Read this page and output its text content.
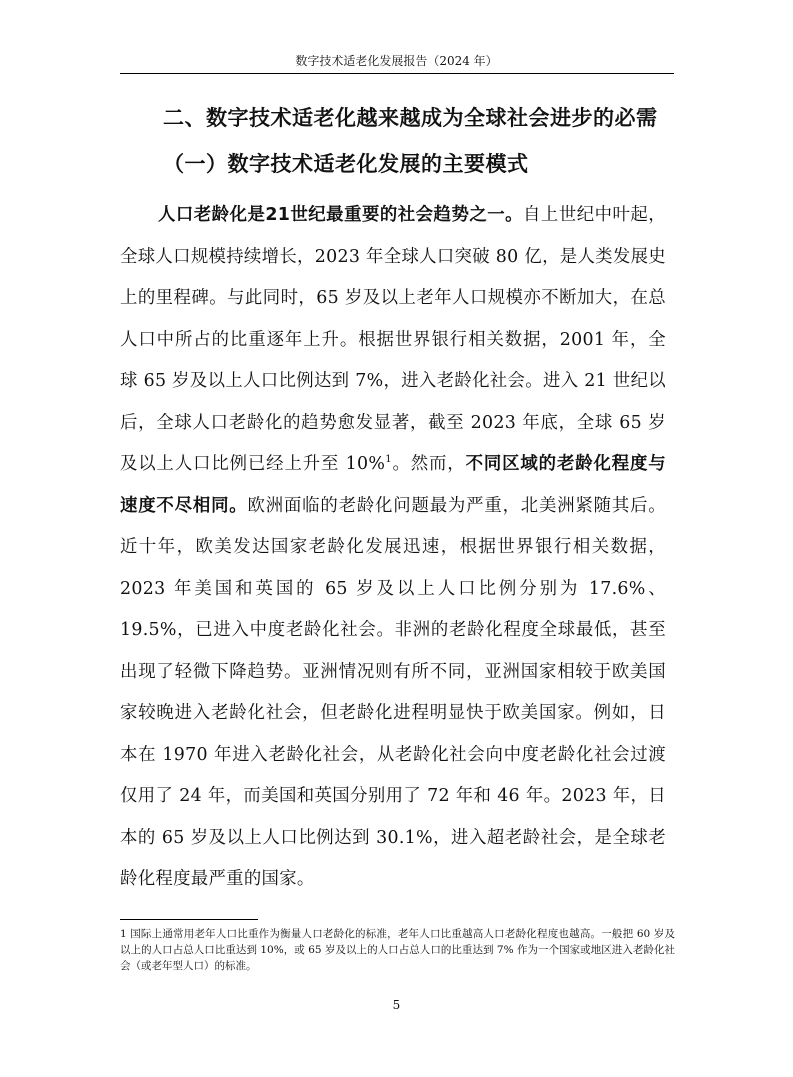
数字技术适老化发展报告（2024 年）
二、数字技术适老化越来越成为全球社会进步的必需
（一）数字技术适老化发展的主要模式

人口老龄化是21世纪最重要的社会趋势之一。自上世纪中叶起，全球人口规模持续增长，2023 年全球人口突破 80 亿，是人类发展史上的里程碑。与此同时，65 岁及以上老年人口规模亦不断加大，在总人口中所占的比重逐年上升。根据世界银行相关数据，2001 年，全球 65 岁及以上人口比例达到 7%，进入老龄化社会。进入 21 世纪以后，全球人口老龄化的趋势愈发显著，截至 2023 年底，全球 65 岁及以上人口比例已经上升至 10%$^1$。然而，不同区域的老龄化程度与速度不尽相同。欧洲面临的老龄化问题最为严重，北美洲紧随其后。近十年，欧美发达国家老龄化发展迅速，根据世界银行相关数据，2023 年美国和英国的 65 岁及以上人口比例分别为 17.6%、19.5%，已进入中度老龄化社会。非洲的老龄化程度全球最低，甚至出现了轻微下降趋势。亚洲情况则有所不同，亚洲国家相较于欧美国家较晚进入老龄化社会，但老龄化进程明显快于欧美国家。例如，日本在 1970 年进入老龄化社会，从老龄化社会向中度老龄化社会过渡仅用了 24 年，而美国和英国分别用了 72 年和 46 年。2023 年，日本的 65 岁及以上人口比例达到 30.1%，进入超老龄社会，是全球老龄化程度最严重的国家。

1 国际上通常用老年人口比重作为衡量人口老龄化的标准，老年人口比重越高人口老龄化程度也越高。一般把 60 岁及以上的人口占总人口比重达到 10%，或 65 岁及以上的人口占总人口的比重达到 7% 作为一个国家或地区进入老龄化社会（或老年型人口）的标准。
5
